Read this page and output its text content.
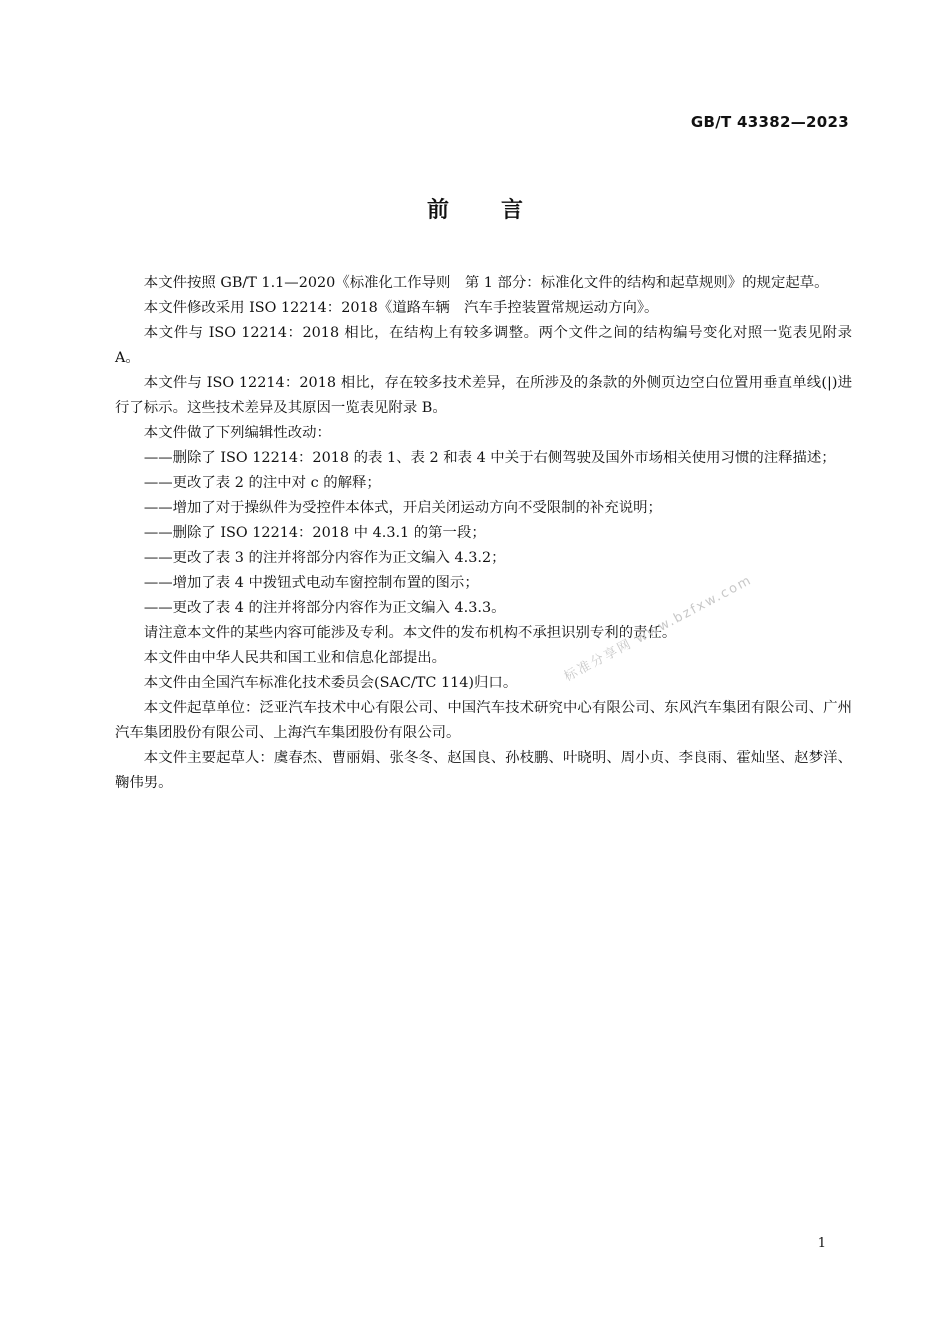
GB/T 43382—2023
前 言

本文件按照 GB/T 1.1—2020《标准化工作导则　第 1 部分：标准化文件的结构和起草规则》的规定起草。

本文件修改采用 ISO 12214：2018《道路车辆　汽车手控装置常规运动方向》。

本文件与 ISO 12214：2018 相比，在结构上有较多调整。两个文件之间的结构编号变化对照一览表见附录 A。

本文件与 ISO 12214：2018 相比，存在较多技术差异，在所涉及的条款的外侧页边空白位置用垂直单线(|)进行了标示。这些技术差异及其原因一览表见附录 B。

本文件做了下列编辑性改动：

——删除了 ISO 12214：2018 的表 1、表 2 和表 4 中关于右侧驾驶及国外市场相关使用习惯的注释描述；

——更改了表 2 的注中对 c 的解释；

——增加了对于操纵件为受控件本体式，开启关闭运动方向不受限制的补充说明；

——删除了 ISO 12214：2018 中 4.3.1 的第一段；

——更改了表 3 的注并将部分内容作为正文编入 4.3.2；

——增加了表 4 中拨钮式电动车窗控制布置的图示；

——更改了表 4 的注并将部分内容作为正文编入 4.3.3。

请注意本文件的某些内容可能涉及专利。本文件的发布机构不承担识别专利的责任。

本文件由中华人民共和国工业和信息化部提出。

本文件由全国汽车标准化技术委员会(SAC/TC 114)归口。

本文件起草单位：泛亚汽车技术中心有限公司、中国汽车技术研究中心有限公司、东风汽车集团有限公司、广州汽车集团股份有限公司、上海汽车集团股份有限公司。

本文件主要起草人：虞春杰、曹丽娟、张冬冬、赵国良、孙枝鹏、叶晓明、周小贞、李良雨、霍灿坚、赵梦洋、鞠伟男。

标准分享网 www.bzfxw.com
1
